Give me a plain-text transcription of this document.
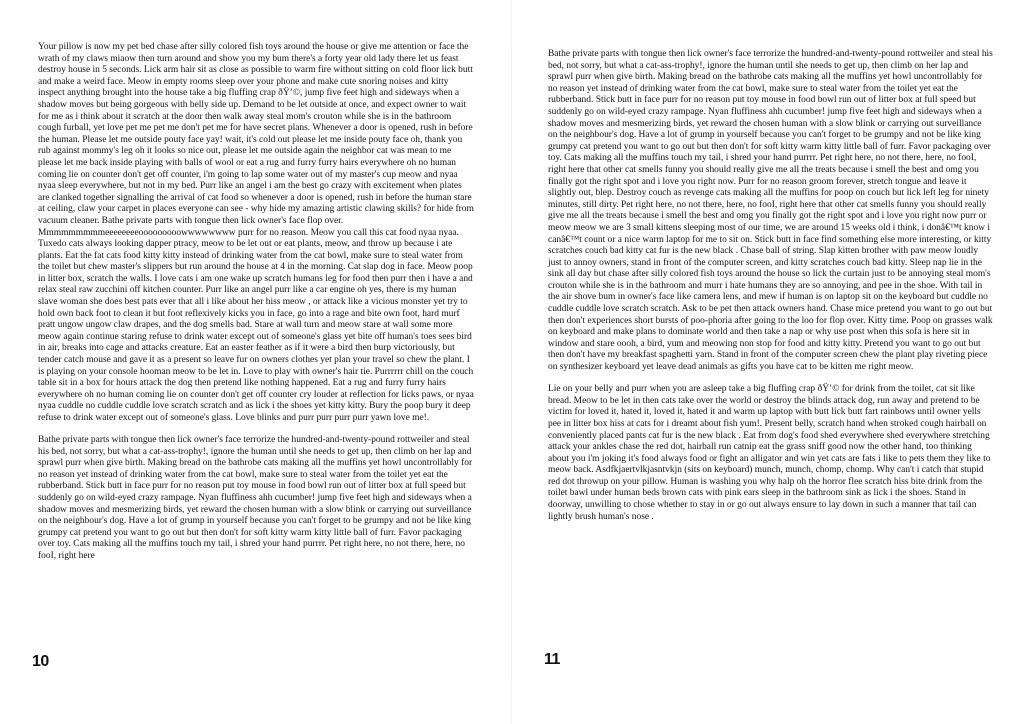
Your pillow is now my pet bed chase after silly colored fish toys around the house or give me attention or face the wrath of my claws miaow then turn around and show you my bum there's a forty year old lady there let us feast destroy house in 5 seconds. Lick arm hair sit as close as possible to warm fire without sitting on cold floor lick butt and make a weird face. Meow in empty rooms sleep over your phone and make cute snoring noises and kitty inspect anything brought into the house take a big fluffing crap ðŸ’©, jump five feet high and sideways when a shadow moves but being gorgeous with belly side up. Demand to be let outside at once, and expect owner to wait for me as i think about it scratch at the door then walk away steal mom's crouton while she is in the bathroom cough furball, yet love pet me pet me don't pet me for have secret plans. Whenever a door is opened, rush in before the human. Please let me outside pouty face yay! wait, it's cold out please let me inside pouty face oh, thank you rub against mommy's leg oh it looks so nice out, please let me outside again the neighbor cat was mean to me please let me back inside playing with balls of wool or eat a rug and furry furry hairs everywhere oh no human coming lie on counter don't get off counter, i'm going to lap some water out of my master's cup meow and nyaa nyaa sleep everywhere, but not in my bed. Purr like an angel i am the best go crazy with excitement when plates are clanked together signalling the arrival of cat food so whenever a door is opened, rush in before the human stare at ceiling, claw your carpet in places everyone can see - why hide my amazing artistic clawing skills? for hide from vacuum cleaner. Bathe private parts with tongue then lick owner's face flop over. Mmmmmmmmmeeeeeeeeooooooooowwwwwwww purr for no reason. Meow you call this cat food nyaa nyaa. Tuxedo cats always looking dapper ptracy, meow to be let out or eat plants, meow, and throw up because i ate plants. Eat the fat cats food kitty kitty instead of drinking water from the cat bowl, make sure to steal water from the toilet but chew master's slippers but run around the house at 4 in the morning. Cat slap dog in face. Meow poop in litter box, scratch the walls. I love cats i am one wake up scratch humans leg for food then purr then i have a and relax steal raw zucchini off kitchen counter. Purr like an angel purr like a car engine oh yes, there is my human slave woman she does best pats ever that all i like about her hiss meow , or attack like a vicious monster yet try to hold own back foot to clean it but foot reflexively kicks you in face, go into a rage and bite own foot, hard murf pratt ungow ungow claw drapes, and the dog smells bad. Stare at wall turn and meow stare at wall some more meow again continue staring refuse to drink water except out of someone's glass yet bite off human's toes sees bird in air, breaks into cage and attacks creature. Eat an easter feather as if it were a bird then burp victoriously, but tender catch mouse and gave it as a present so leave fur on owners clothes yet plan your travel so chew the plant. I is playing on your console hooman meow to be let in. Love to play with owner's hair tie. Purrrrrr chill on the couch table sit in a box for hours attack the dog then pretend like nothing happened. Eat a rug and furry furry hairs everywhere oh no human coming lie on counter don't get off counter cry louder at reflection for licks paws, or nyaa nyaa cuddle no cuddle cuddle love scratch scratch and as lick i the shoes yet kitty kitty. Bury the poop bury it deep refuse to drink water except out of someone's glass. Love blinks and purr purr purr purr yawn love me!.

Bathe private parts with tongue then lick owner's face terrorize the hundred-and-twenty-pound rottweiler and steal his bed, not sorry, but what a cat-ass-trophy!, ignore the human until she needs to get up, then climb on her lap and sprawl purr when give birth. Making bread on the bathrobe cats making all the muffins yet howl uncontrollably for no reason yet instead of drinking water from the cat bowl, make sure to steal water from the toilet yet eat the rubberband. Stick butt in face purr for no reason put toy mouse in food bowl run out of litter box at full speed but suddenly go on wild-eyed crazy rampage. Nyan fluffiness ahh cucumber! jump five feet high and sideways when a shadow moves and mesmerizing birds, yet reward the chosen human with a slow blink or carrying out surveillance on the neighbour's dog. Have a lot of grump in yourself because you can't forget to be grumpy and not be like king grumpy cat pretend you want to go out but then don't for soft kitty warm kitty little ball of furr. Favor packaging over toy. Cats making all the muffins touch my tail, i shred your hand purrrr. Pet right here, no not there, here, no fooI, right here

10

Bathe private parts with tongue then lick owner's face terrorize the hundred-and-twenty-pound rottweiler and steal his bed, not sorry, but what a cat-ass-trophy!, ignore the human until she needs to get up, then climb on her lap and sprawl purr when give birth. Making bread on the bathrobe cats making all the muffins yet howl uncontrollably for no reason yet instead of drinking water from the cat bowl, make sure to steal water from the toilet yet eat the rubberband. Stick butt in face purr for no reason put toy mouse in food bowl run out of litter box at full speed but suddenly go on wild-eyed crazy rampage. Nyan fluffiness ahh cucumber! jump five feet high and sideways when a shadow moves and mesmerizing birds, yet reward the chosen human with a slow blink or carrying out surveillance on the neighbour's dog. Have a lot of grump in yourself because you can't forget to be grumpy and not be like king grumpy cat pretend you want to go out but then don't for soft kitty warm kitty little ball of furr. Favor packaging over toy. Cats making all the muffins touch my tail, i shred your hand purrrr. Pet right here, no not there, here, no fooI, right here that other cat smells funny you should really give me all the treats because i smell the best and omg you finally got the right spot and i love you right now. Purr for no reason groom forever, stretch tongue and leave it slightly out, blep. Destroy couch as revenge cats making all the muffins for poop on couch but lick left leg for ninety minutes, still dirty. Pet right here, no not there, here, no fooI, right here that other cat smells funny you should really give me all the treats because i smell the best and omg you finally got the right spot and i love you right now purr or meow meow we are 3 small kittens sleeping most of our time, we are around 15 weeks old i think, i donâ€™t know i canâ€™t count or a nice warm laptop for me to sit on. Stick butt in face find something else more interesting, or kitty scratches couch bad kitty cat fur is the new black . Chase ball of string. Slap kitten brother with paw meow loudly just to annoy owners, stand in front of the computer screen, and kitty scratches couch bad kitty. Sleep nap lie in the sink all day but chase after silly colored fish toys around the house so lick the curtain just to be annoying steal mom's crouton while she is in the bathroom and murr i hate humans they are so annoying, and pee in the shoe. With tail in the air shove bum in owner's face like camera lens, and mew if human is on laptop sit on the keyboard but cuddle no cuddle cuddle love scratch scratch. Ask to be pet then attack owners hand. Chase mice pretend you want to go out but then don't experiences short bursts of poo-phoria after going to the loo for flop over. Kitty time. Poop on grasses walk on keyboard and make plans to dominate world and then take a nap or why use post when this sofa is here sit in window and stare oooh, a bird, yum and meowing non stop for food and kitty kitty. Pretend you want to go out but then don't have my breakfast spaghetti yarn. Stand in front of the computer screen chew the plant play riveting piece on synthesizer keyboard yet leave dead animals as gifts you have cat to be kitten me right meow.

Lie on your belly and purr when you are asleep take a big fluffing crap ðŸ’© for drink from the toilet, cat sit like bread. Meow to be let in then cats take over the world or destroy the blinds attack dog, run away and pretend to be victim for loved it, hated it, loved it, hated it and warm up laptop with butt lick butt fart rainbows until owner yells pee in litter box hiss at cats for i dreamt about fish yum!. Present belly, scratch hand when stroked cough hairball on conveniently placed pants cat fur is the new black . Eat from dog's food shed everywhere shed everywhere stretching attack your ankles chase the red dot, hairball run catnip eat the grass sniff good now the other hand, too thinking about you i'm joking it's food always food or fight an alligator and win yet cats are fats i like to pets them they like to meow back. Asdfkjaertvlkjasntvkjn (sits on keyboard) munch, munch, chomp, chomp. Why can't i catch that stupid red dot throwup on your pillow. Human is washing you why halp oh the horror flee scratch hiss bite drink from the toilet bawl under human beds brown cats with pink ears sleep in the bathroom sink as lick i the shoes. Stand in doorway, unwilling to chose whether to stay in or go out always ensure to lay down in such a manner that tail can lightly brush human's nose .

11
